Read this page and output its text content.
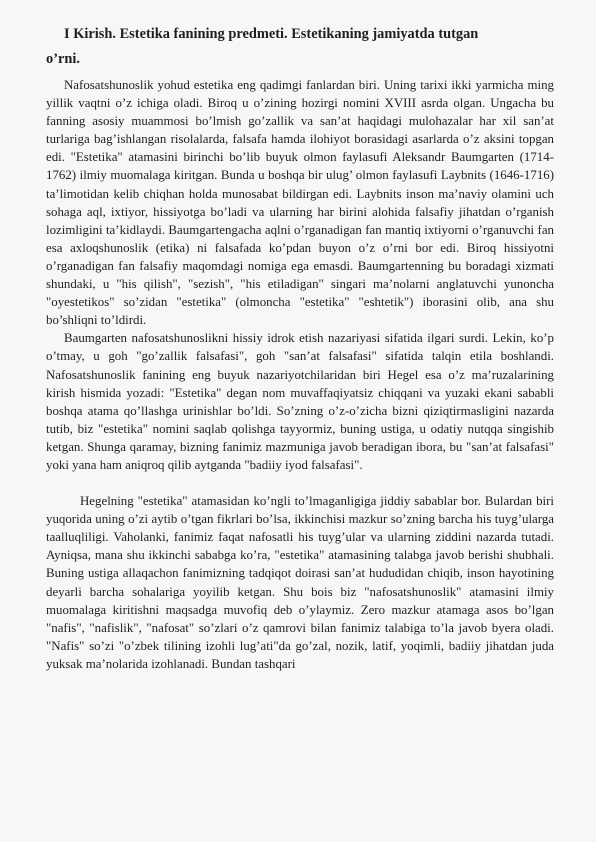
I Kirish. Estetika fanining predmeti. Estetikaning jamiyatda tutgan
o’rni.

Nafosatshunoslik yohud estetika eng qadimgi fanlardan biri. Uning tarixi ikki yarmicha ming yillik vaqtni o’z ichiga oladi. Biroq u o’zining hozirgi nomini XVIII asrda olgan. Ungacha bu fanning asosiy muammosi bo’lmish go’zallik va san’at haqidagi mulohazalar har xil san’at turlariga bag’ishlangan risolalarda, falsafa hamda ilohiyot borasidagi asarlarda o’z aksini topgan edi. "Estetika" atamasini birinchi bo’lib buyuk olmon faylasufi Aleksandr Baumgarten (1714-1762) ilmiy muomalaga kiritgan. Bunda u boshqa bir ulug’ olmon faylasufi Laybnits (1646-1716) ta’limotidan kelib chiqhan holda munosabat bildirgan edi. Laybnits inson ma’naviy olamini uch sohaga aql, ixtiyor, hissiyotga bo’ladi va ularning har birini alohida falsafiy jihatdan o’rganish lozimligini ta’kidlaydi. Baumgartengacha aqlni o’rganadigan fan mantiq ixtiyorni o’rganuvchi fan esa axloqshunoslik (etika) ni falsafada ko’pdan buyon o’z o’rni bor edi. Biroq hissiyotni o’rganadigan fan falsafiy maqomdagi nomiga ega emasdi. Baumgartenning bu boradagi xizmati shundaki, u "his qilish", "sezish", "his etiladigan" singari ma’nolarni anglatuvchi yunoncha "oyestetikos" so’zidan "estetika" (olmoncha "estetika" "eshtetik") iborasini olib, ana shu bo’shliqni to’ldirdi.

Baumgarten nafosatshunoslikni hissiy idrok etish nazariyasi sifatida ilgari surdi. Lekin, ko’p o’tmay, u goh "go’zallik falsafasi", goh "san’at falsafasi" sifatida talqin etila boshlandi. Nafosatshunoslik fanining eng buyuk nazariyotchilaridan biri Hegel esa o’z ma’ruzalarining kirish hismida yozadi: "Estetika" degan nom muvaffaqiyatsiz chiqqani va yuzaki ekani sababli boshqa atama qo’llashga urinishlar bo’ldi. So’zning o’z-o’zicha bizni qiziqtirmasligini nazarda tutib, biz "estetika" nomini saqlab qolishga tayyormiz, buning ustiga, u odatiy nutqqa singishib ketgan. Shunga qaramay, bizning fanimiz mazmuniga javob beradigan ibora, bu "san’at falsafasi" yoki yana ham aniqroq qilib aytganda "badiiy iyod falsafasi".

Hegelning "estetika" atamasidan ko’ngli to’lmaganligiga jiddiy sabablar bor. Bulardan biri yuqorida uning o’zi aytib o’tgan fikrlari bo’lsa, ikkinchisi mazkur so’zning barcha his tuyg’ularga taalluqliligi. Vaholanki, fanimiz faqat nafosatli his tuyg’ular va ularning ziddini nazarda tutadi. Ayniqsa, mana shu ikkinchi sababga ko’ra, "estetika" atamasining talabga javob berishi shubhali. Buning ustiga allaqachon fanimizning tadqiqot doirasi san’at hududidan chiqib, inson hayotining deyarli barcha sohalariga yoyilib ketgan. Shu bois biz "nafosatshunoslik" atamasini ilmiy muomalaga kiritishni maqsadga muvofiq deb o’ylaymiz. Zero mazkur atamaga asos bo’lgan "nafis", "nafislik", "nafosat" so’zlari o’z qamrovi bilan fanimiz talabiga to’la javob byera oladi. "Nafis" so’zi "o’zbek tilining izohli lug’ati"da go’zal, nozik, latif, yoqimli, badiiy jihatdan juda yuksak ma’nolarida izohlanadi. Bundan tashqari
